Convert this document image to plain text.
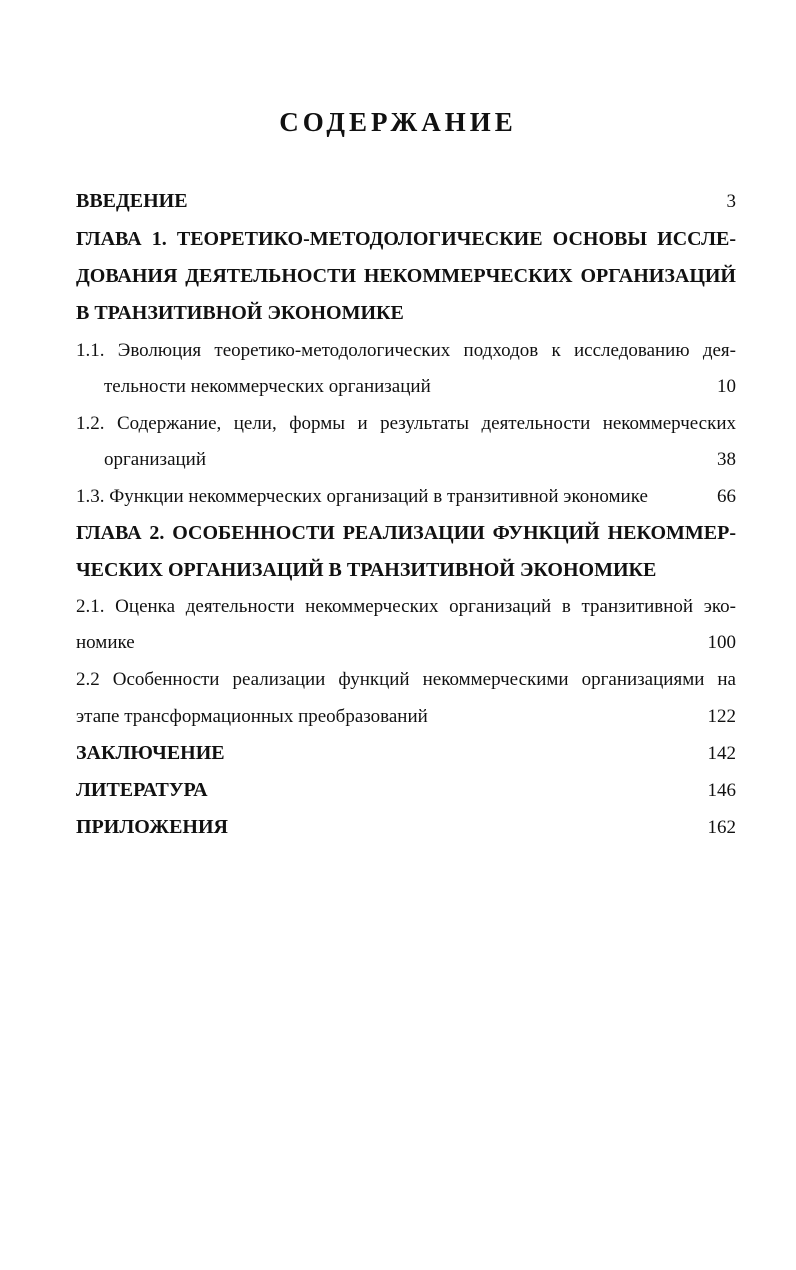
СОДЕРЖАНИЕ
ВВЕДЕНИЕ	3
ГЛАВА 1. ТЕОРЕТИКО-МЕТОДОЛОГИЧЕСКИЕ ОСНОВЫ ИССЛЕ-
ДОВАНИЯ ДЕЯТЕЛЬНОСТИ НЕКОММЕРЧЕСКИХ ОРГАНИЗАЦИЙ
В ТРАНЗИТИВНОЙ ЭКОНОМИКЕ
1.1. Эволюция теоретико-методологических подходов к исследованию дея-
тельности некоммерческих организаций	10
1.2. Содержание, цели, формы и результаты деятельности некоммерческих
организаций	38
1.3. Функции некоммерческих организаций в транзитивной экономике	66
ГЛАВА 2. ОСОБЕННОСТИ РЕАЛИЗАЦИИ ФУНКЦИЙ НЕКОММЕР-
ЧЕСКИХ ОРГАНИЗАЦИЙ В ТРАНЗИТИВНОЙ ЭКОНОМИКЕ
2.1. Оценка деятельности некоммерческих организаций в транзитивной эко-
номике	100
2.2 Особенности реализации функций некоммерческими организациями на
этапе трансформационных преобразований	122
ЗАКЛЮЧЕНИЕ	142
ЛИТЕРАТУРА	146
ПРИЛОЖЕНИЯ	162
